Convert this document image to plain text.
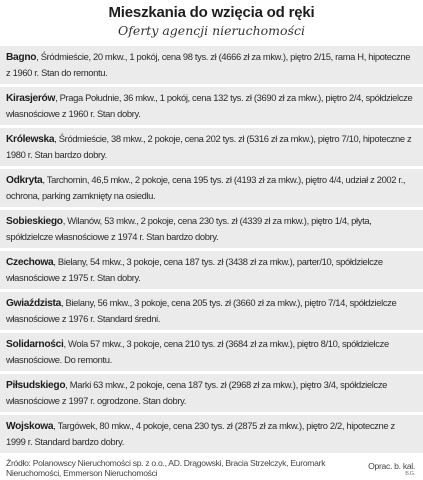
Mieszkania do wzięcia od ręki
Oferty agencji nieruchomości
Bagno, Śródmieście, 20 mkw., 1 pokój, cena 98 tys. zł (4666 zł za mkw.), piętro 2/15, rama H, hipoteczne z 1960 r. Stan do remontu.
Kirasjerów, Praga Południe, 36 mkw., 1 pokój, cena 132 tys. zł (3690 zł za mkw.), piętro 2/4, spółdzielcze własnościowe z 1960 r. Stan dobry.
Królewska, Śródmieście, 38 mkw., 2 pokoje, cena 202 tys. zł (5316 zł za mkw.), piętro 7/10, hipoteczne z 1980 r. Stan bardzo dobry.
Odkryta, Tarchomin, 46,5 mkw., 2 pokoje, cena 195 tys. zł (4193 zł za mkw.), piętro 4/4, udział z 2002 r., ochrona, parking zamknięty na osiedlu.
Sobieskiego, Wilanów, 53 mkw., 2 pokoje, cena 230 tys. zł (4339 zł za mkw.), piętro 1/4, płyta, spółdzielcze własnościowe z 1974 r. Stan bardzo dobry.
Czechowa, Bielany, 54 mkw., 3 pokoje, cena 187 tys. zł (3438 zł za mkw.), parter/10, spółdzielcze własnościowe z 1975 r. Stan dobry.
Gwiaździsta, Bielany, 56 mkw., 3 pokoje, cena 205 tys. zł (3660 zł za mkw.), piętro 7/14, spółdzielcze własnościowe z 1976 r. Standard średni.
Solidarności, Wola 57 mkw., 3 pokoje, cena 210 tys. zł (3684 zł za mkw.), piętro 8/10, spółdzielcze własnościowe. Do remontu.
Piłsudskiego, Marki 63 mkw., 2 pokoje, cena 187 tys. zł (2968 zł za mkw.), piętro 3/4, spółdzielcze własnościowe z 1997 r. ogrodzone. Stan dobry.
Wojskowa, Targówek, 80 mkw., 4 pokoje, cena 230 tys. zł (2875 zł za mkw.), piętro 2/2, hipoteczne z 1999 r. Standard bardzo dobry.
Źródło: Polanowscy Nieruchomości sp. z o.o., AD. Drągowski, Bracia Strzelczyk, Euromark Nieruchomości, Emmerson Nieruchomości
Oprac. b. kal.
B.G.
